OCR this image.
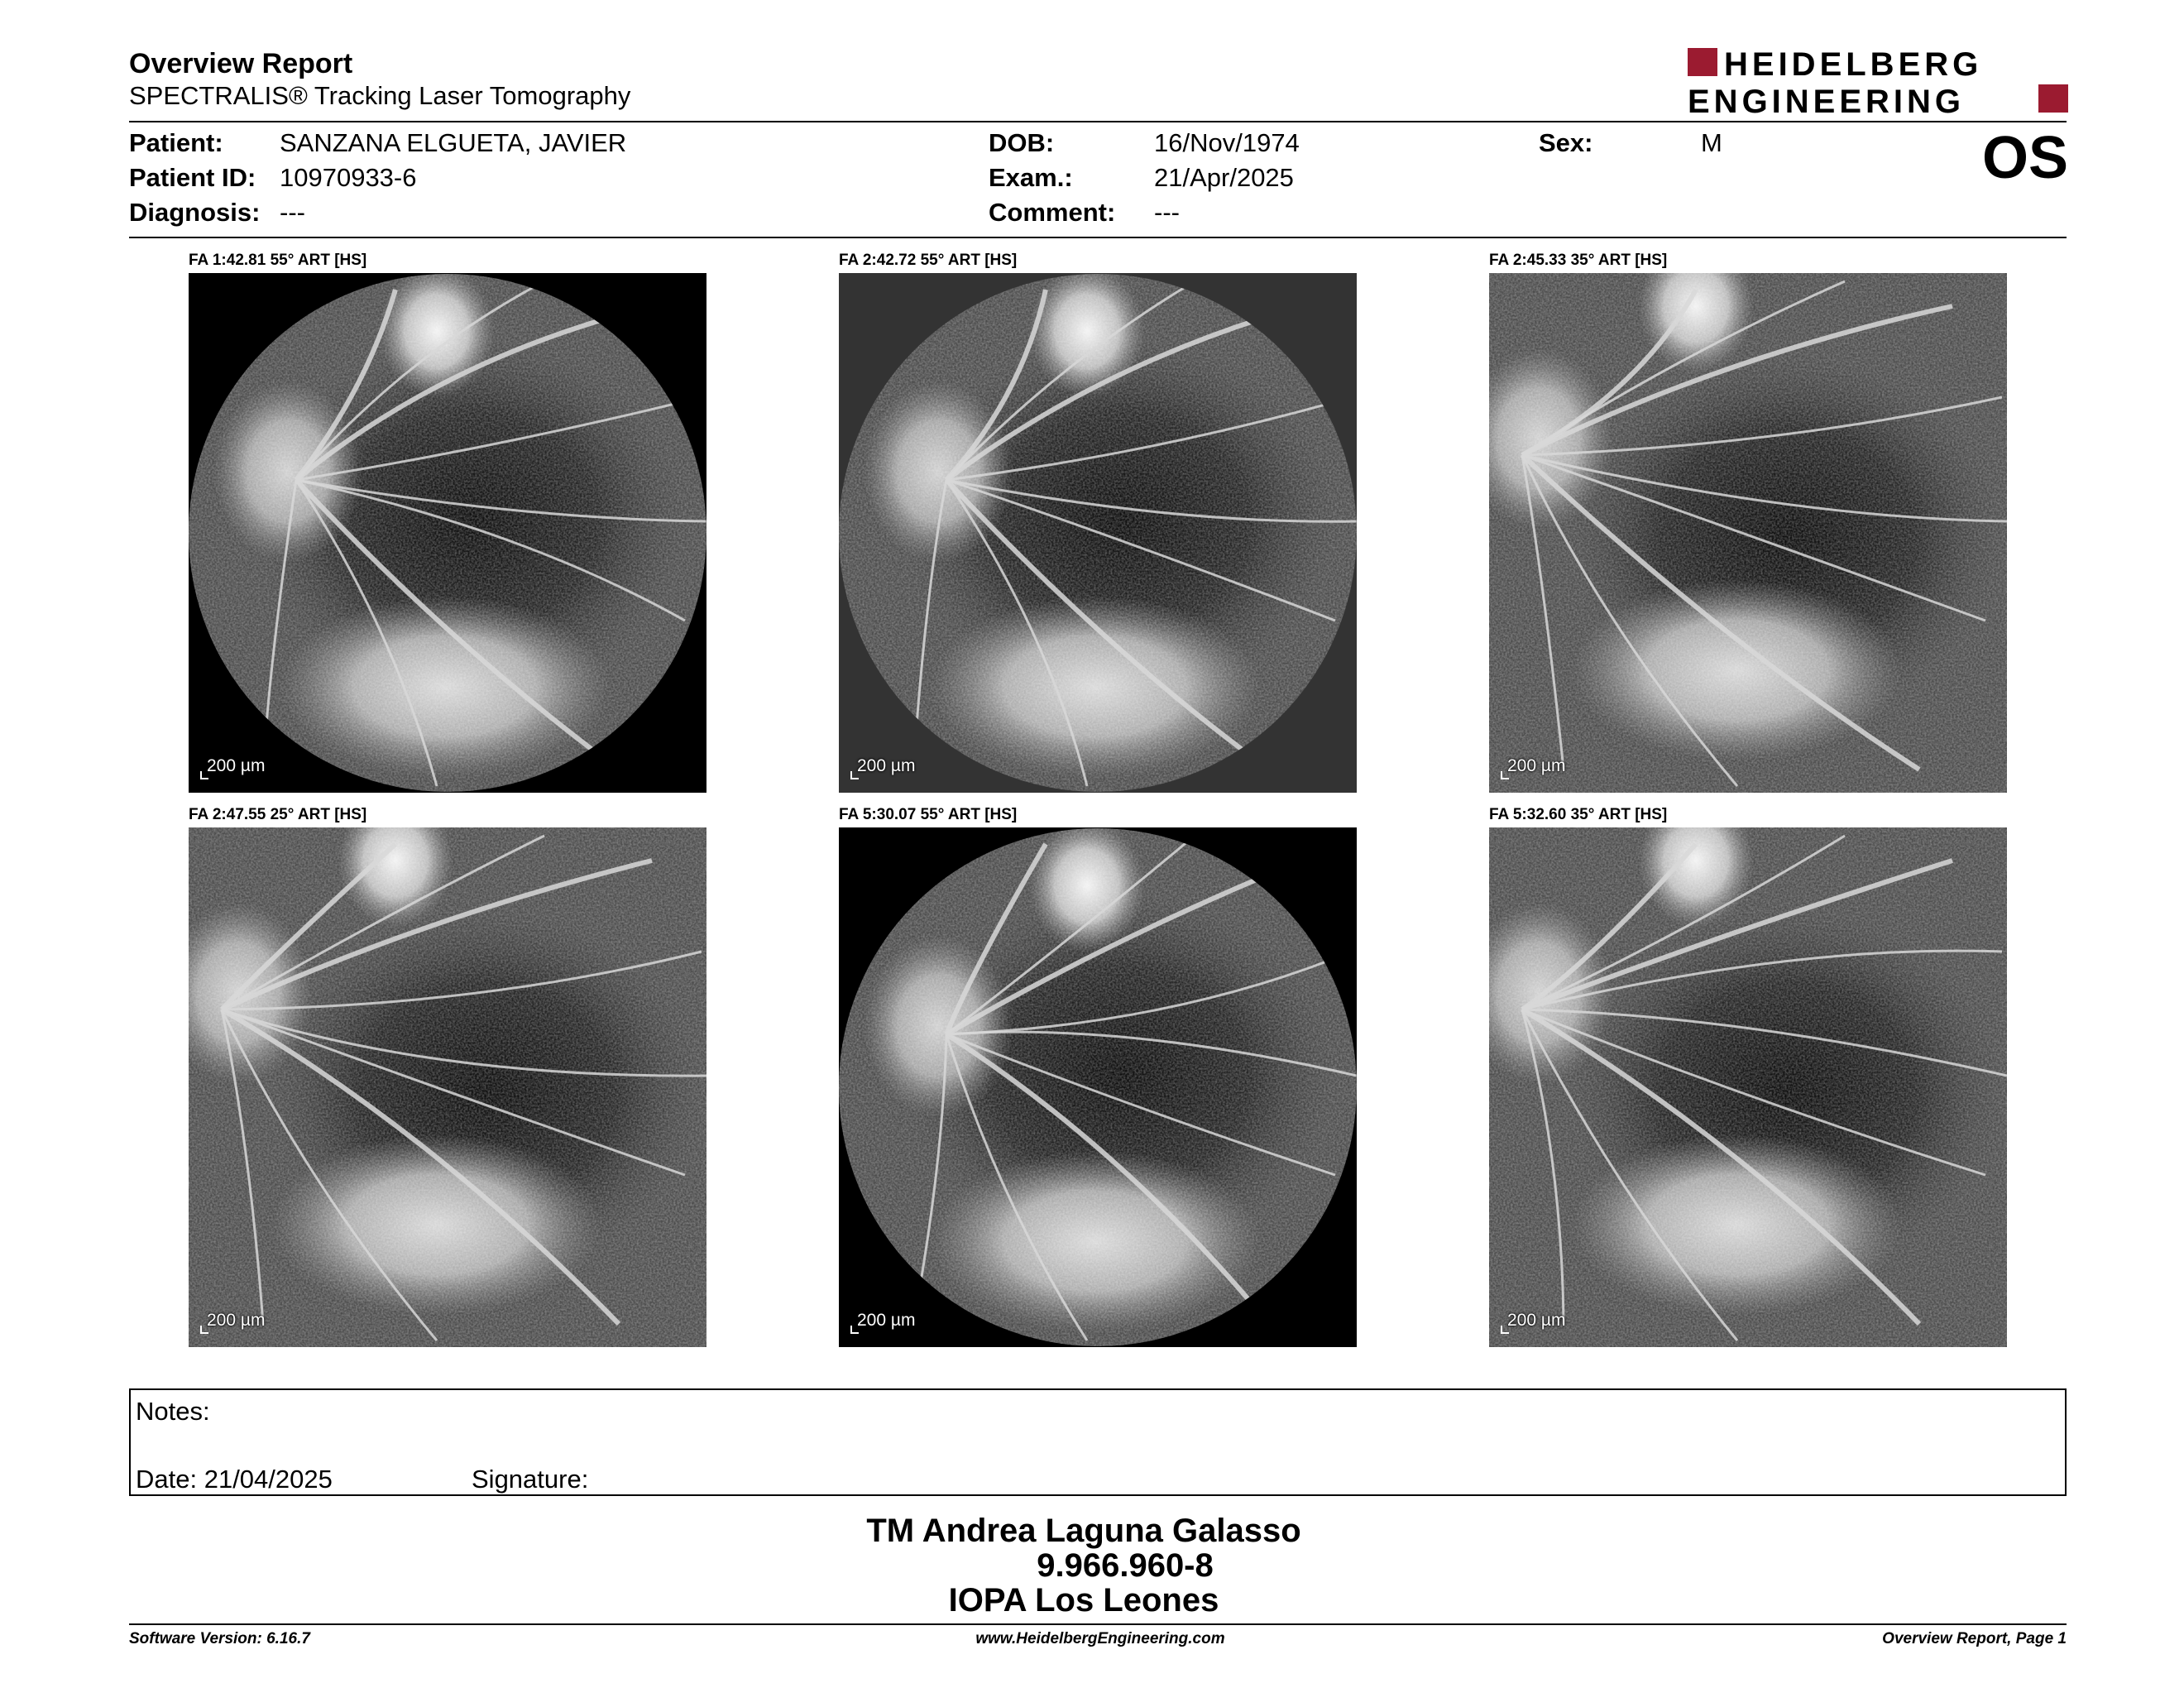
Overview Report
SPECTRALIS® Tracking Laser Tomography
HEIDELBERG
ENGINEERING
Patient: SANZANA ELGUETA, JAVIER
Patient ID: 10970933-6
Diagnosis: ---
DOB:	16/Nov/1974
Exam.:	21/Apr/2025
Comment: ---
Sex:	M	OS
FA 1:42.81 55° ART [HS]
200 µm
FA 2:42.72 55° ART [HS]
200 µm
FA 2:45.33 35° ART [HS]
200 µm
FA 2:47.55 25° ART [HS]
200 µm
FA 5:30.07 55° ART [HS]
200 µm
FA 5:32.60 35° ART [HS]
200 µm
Notes:
Date: 21/04/2025	Signature:
TM Andrea Laguna Galasso
9.966.960-8
IOPA Los Leones
Software Version: 6.16.7	www.HeidelbergEngineering.com	Overview Report, Page 1
